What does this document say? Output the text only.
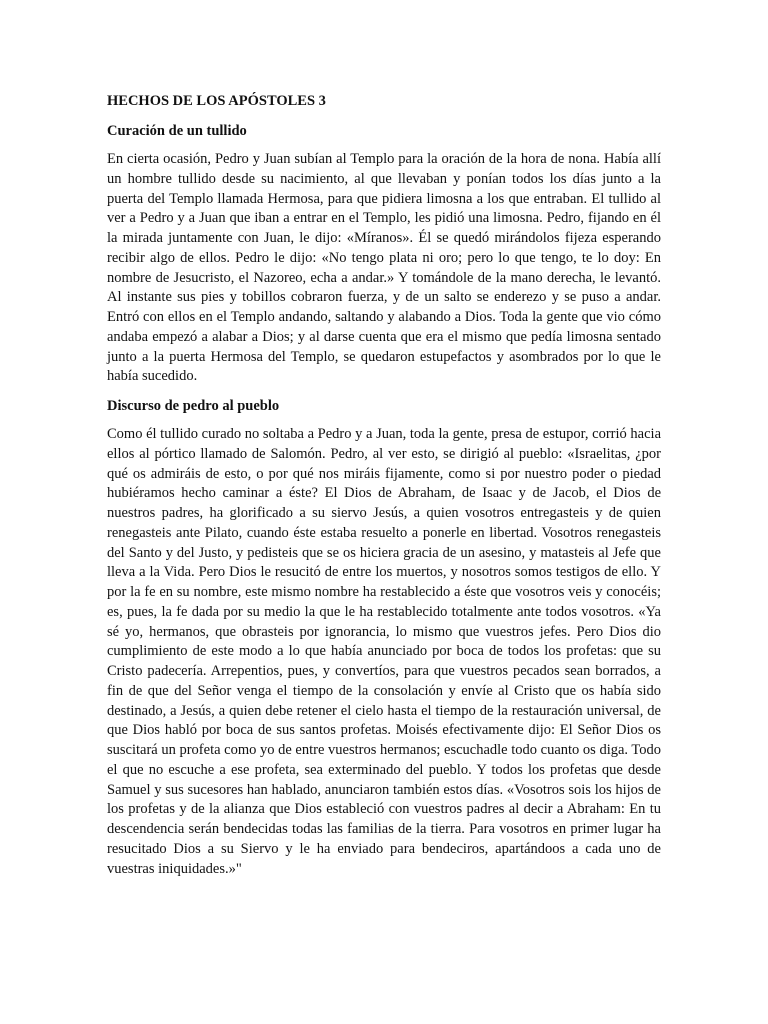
HECHOS DE LOS APÓSTOLES 3
Curación de un tullido

En cierta ocasión, Pedro y Juan subían al Templo para la oración de la hora de nona. Había allí un hombre tullido desde su nacimiento, al que llevaban y ponían todos los días junto a la puerta del Templo llamada Hermosa, para que pidiera limosna a los que entraban. El tullido al ver a Pedro y a Juan que iban a entrar en el Templo, les pidió una limosna. Pedro, fijando en él la mirada juntamente con Juan, le dijo: «Míranos». Él se quedó mirándolos fijeza esperando recibir algo de ellos. Pedro le dijo: «No tengo plata ni oro; pero lo que tengo, te lo doy: En nombre de Jesucristo, el Nazoreo, echa a andar.» Y tomándole de la mano derecha, le levantó. Al instante sus pies y tobillos cobraron fuerza, y de un salto se enderezo y se puso a andar. Entró con ellos en el Templo andando, saltando y alabando a Dios. Toda la gente que vio cómo andaba empezó a alabar a Dios; y al darse cuenta que era el mismo que pedía limosna sentado junto a la puerta Hermosa del Templo, se quedaron estupefactos y asombrados por lo que le había sucedido.

Discurso de pedro al pueblo

Como él tullido curado no soltaba a Pedro y a Juan, toda la gente, presa de estupor, corrió hacia ellos al pórtico llamado de Salomón. Pedro, al ver esto, se dirigió al pueblo: «Israelitas, ¿por qué os admiráis de esto, o por qué nos miráis fijamente, como si por nuestro poder o piedad hubiéramos hecho caminar a éste? El Dios de Abraham, de Isaac y de Jacob, el Dios de nuestros padres, ha glorificado a su siervo Jesús, a quien vosotros entregasteis y de quien renegasteis ante Pilato, cuando éste estaba resuelto a ponerle en libertad. Vosotros renegasteis del Santo y del Justo, y pedisteis que se os hiciera gracia de un asesino, y matasteis al Jefe que lleva a la Vida. Pero Dios le resucitó de entre los muertos, y nosotros somos testigos de ello. Y por la fe en su nombre, este mismo nombre ha restablecido a éste que vosotros veis y conocéis; es, pues, la fe dada por su medio la que le ha restablecido totalmente ante todos vosotros. «Ya sé yo, hermanos, que obrasteis por ignorancia, lo mismo que vuestros jefes. Pero Dios dio cumplimiento de este modo a lo que había anunciado por boca de todos los profetas: que su Cristo padecería. Arrepentios, pues, y convertíos, para que vuestros pecados sean borrados, a fin de que del Señor venga el tiempo de la consolación y envíe al Cristo que os había sido destinado, a Jesús, a quien debe retener el cielo hasta el tiempo de la restauración universal, de que Dios habló por boca de sus santos profetas. Moisés efectivamente dijo: El Señor Dios os suscitará un profeta como yo de entre vuestros hermanos; escuchadle todo cuanto os diga. Todo el que no escuche a ese profeta, sea exterminado del pueblo. Y todos los profetas que desde Samuel y sus sucesores han hablado, anunciaron también estos días. «Vosotros sois los hijos de los profetas y de la alianza que Dios estableció con vuestros padres al decir a Abraham: En tu descendencia serán bendecidas todas las familias de la tierra. Para vosotros en primer lugar ha resucitado Dios a su Siervo y le ha enviado para bendeciros, apartándoos a cada uno de vuestras iniquidades.»"
